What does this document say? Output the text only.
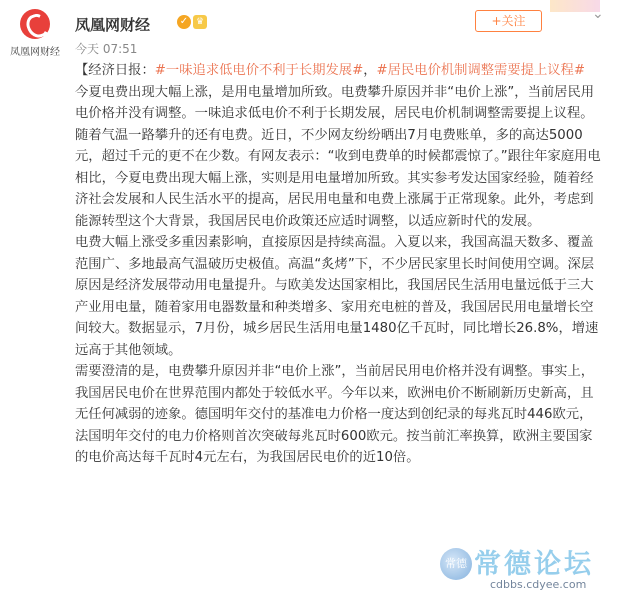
凤凰网财经
凤凰网财经	✓ ♛
今天 07:51
+关注	⌄

【经济日报：#一味追求低电价不利于长期发展#，#居民电价机制调整需要提上议程#

今夏电费出现大幅上涨，是用电量增加所致。电费攀升原因并非“电价上涨”，当前居民用电价格并没有调整。一味追求低电价不利于长期发展，居民电价机制调整需要提上议程。

随着气温一路攀升的还有电费。近日，不少网友纷纷晒出7月电费账单，多的高达5000元，超过千元的更不在少数。有网友表示：“收到电费单的时候都震惊了。”跟往年家庭用电相比，今夏电费出现大幅上涨，实则是用电量增加所致。其实参考发达国家经验，随着经济社会发展和人民生活水平的提高，居民用电量和电费上涨属于正常现象。此外，考虑到能源转型这个大背景，我国居民电价政策还应适时调整，以适应新时代的发展。

电费大幅上涨受多重因素影响，直接原因是持续高温。入夏以来，我国高温天数多、覆盖范围广、多地最高气温破历史极值。高温“炙烤”下，不少居民家里长时间使用空调。深层原因是经济发展带动用电量提升。与欧美发达国家相比，我国居民生活用电量远低于三大产业用电量，随着家用电器数量和种类增多、家用充电桩的普及，我国居民用电量增长空间较大。数据显示，7月份，城乡居民生活用电量1480亿千瓦时，同比增长26.8%，增速远高于其他领域。

需要澄清的是，电费攀升原因并非“电价上涨”，当前居民用电价格并没有调整。事实上，我国居民电价在世界范围内都处于较低水平。今年以来，欧洲电价不断刷新历史新高，且无任何减弱的迹象。德国明年交付的基准电力价格一度达到创纪录的每兆瓦时446欧元，法国明年交付的电力价格则首次突破每兆瓦时600欧元。按当前汇率换算，欧洲主要国家的电价高达每千瓦时4元左右，为我国居民电价的近10倍。

常德 常德论坛
cdbbs.cdyee.com
